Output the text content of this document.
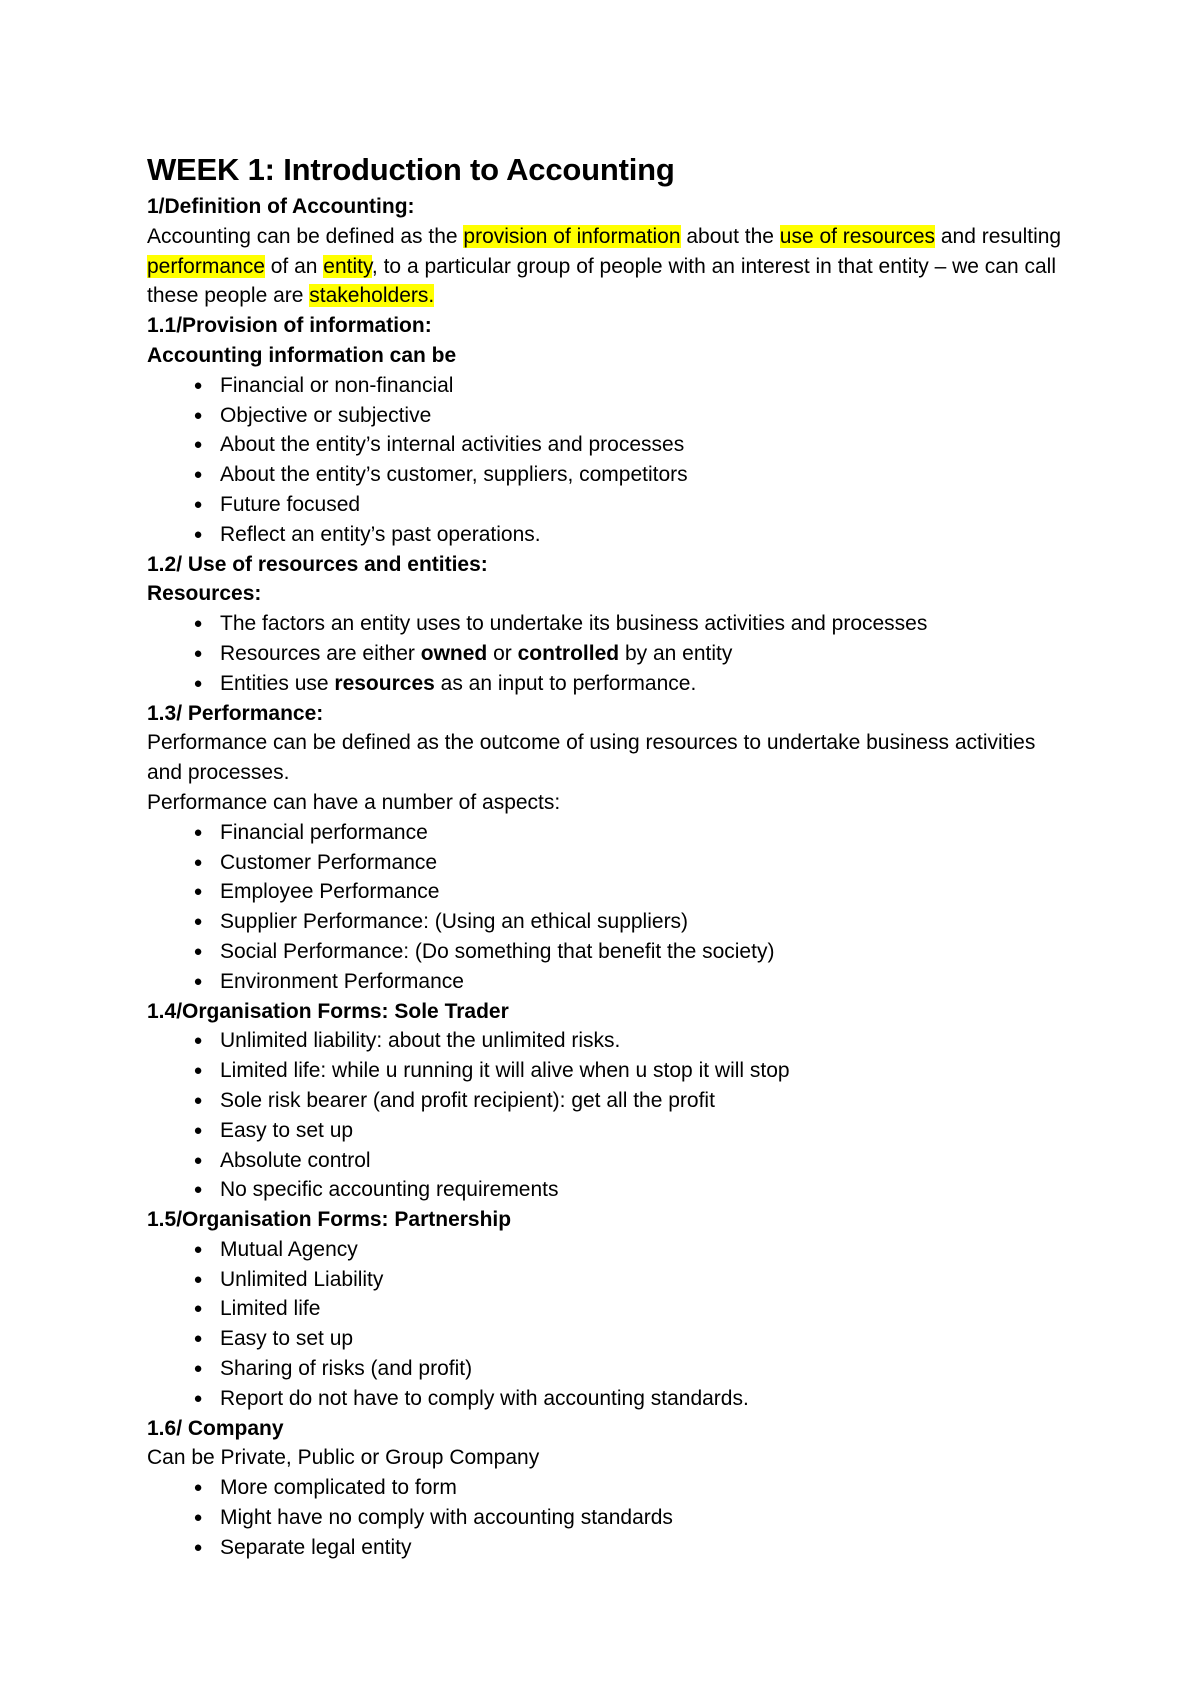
WEEK 1: Introduction to Accounting
1/Definition of Accounting:

Accounting can be defined as the provision of information about the use of resources and resulting performance of an entity, to a particular group of people with an interest in that entity – we can call these people are stakeholders.

1.1/Provision of information:
Accounting information can be
● Financial or non-financial
● Objective or subjective
● About the entity’s internal activities and processes
● About the entity’s customer, suppliers, competitors
● Future focused
● Reflect an entity’s past operations.
1.2/ Use of resources and entities:
Resources:
● The factors an entity uses to undertake its business activities and processes
● Resources are either owned or controlled by an entity
● Entities use resources as an input to performance.
1.3/ Performance:

Performance can be defined as the outcome of using resources to undertake business activities and processes.

Performance can have a number of aspects:

● Financial performance
● Customer Performance
● Employee Performance
● Supplier Performance: (Using an ethical suppliers)
● Social Performance: (Do something that benefit the society)
● Environment Performance
1.4/Organisation Forms: Sole Trader
● Unlimited liability: about the unlimited risks.
● Limited life: while u running it will alive when u stop it will stop
● Sole risk bearer (and profit recipient): get all the profit
● Easy to set up
● Absolute control
● No specific accounting requirements
1.5/Organisation Forms: Partnership
● Mutual Agency
● Unlimited Liability
● Limited life
● Easy to set up
● Sharing of risks (and profit)
● Report do not have to comply with accounting standards.
1.6/ Company

Can be Private, Public or Group Company

● More complicated to form
● Might have no comply with accounting standards
● Separate legal entity
